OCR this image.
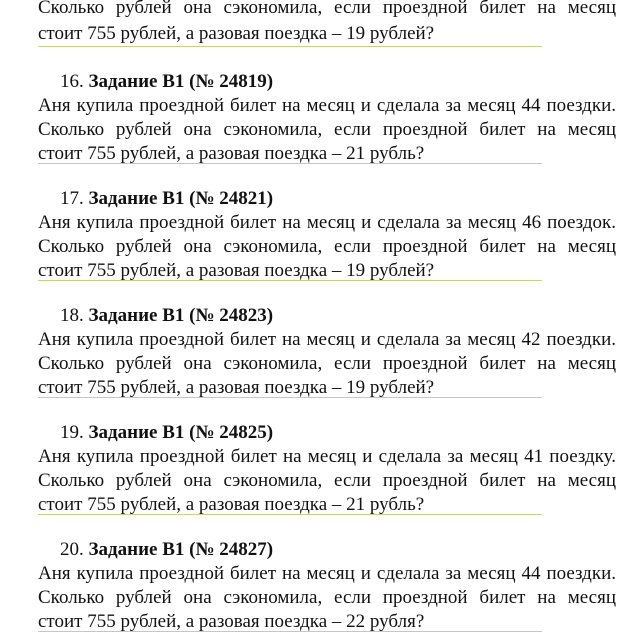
Сколько рублей она сэкономила, если проездной билет на месяц
стоит 755 рублей, а разовая поездка – 19 рублей?
16. Задание B1 (№ 24819)
Аня купила проездной билет на месяц и сделала за месяц 44 поездки.
Сколько рублей она сэкономила, если проездной билет на месяц
стоит 755 рублей, а разовая поездка – 21 рубль?
17. Задание B1 (№ 24821)
Аня купила проездной билет на месяц и сделала за месяц 46 поездок.
Сколько рублей она сэкономила, если проездной билет на месяц
стоит 755 рублей, а разовая поездка – 19 рублей?
18. Задание B1 (№ 24823)
Аня купила проездной билет на месяц и сделала за месяц 42 поездки.
Сколько рублей она сэкономила, если проездной билет на месяц
стоит 755 рублей, а разовая поездка – 19 рублей?
19. Задание B1 (№ 24825)
Аня купила проездной билет на месяц и сделала за месяц 41 поездку.
Сколько рублей она сэкономила, если проездной билет на месяц
стоит 755 рублей, а разовая поездка – 21 рубль?
20. Задание B1 (№ 24827)
Аня купила проездной билет на месяц и сделала за месяц 44 поездки.
Сколько рублей она сэкономила, если проездной билет на месяц
стоит 755 рублей, а разовая поездка – 22 рубля?
